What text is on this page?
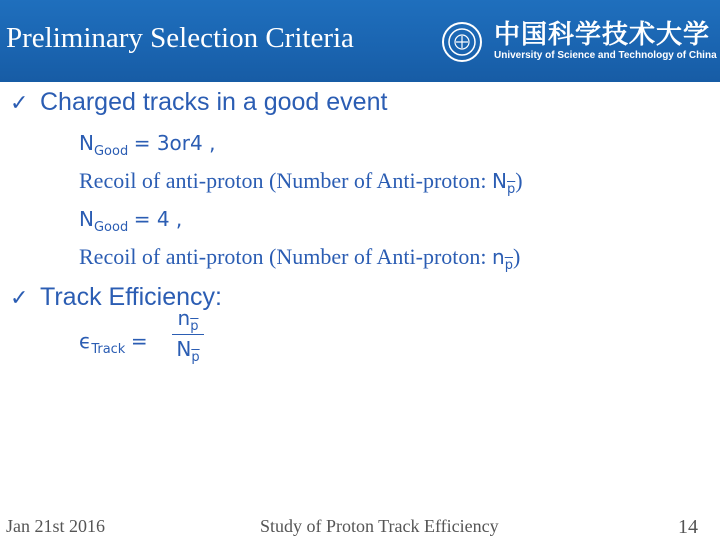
Preliminary Selection Criteria	中国科学技术大学
University of Science and Technology of China
✓ Charged tracks in a good event
$N_{Good} = 3or4$ ,
Recoil of anti-proton (Number of Anti-proton: $N_{\overline{p}}$)
$N_{Good} = 4$ ,
Recoil of anti-proton (Number of Anti-proton: $n_{\overline{p}}$)
✓ Track Efficiency:
$\epsilon_{Track}$ =
$n_{\overline{p}}$
$N_{\overline{p}}$
Jan 21st 2016	Study of Proton Track Efficiency	14
